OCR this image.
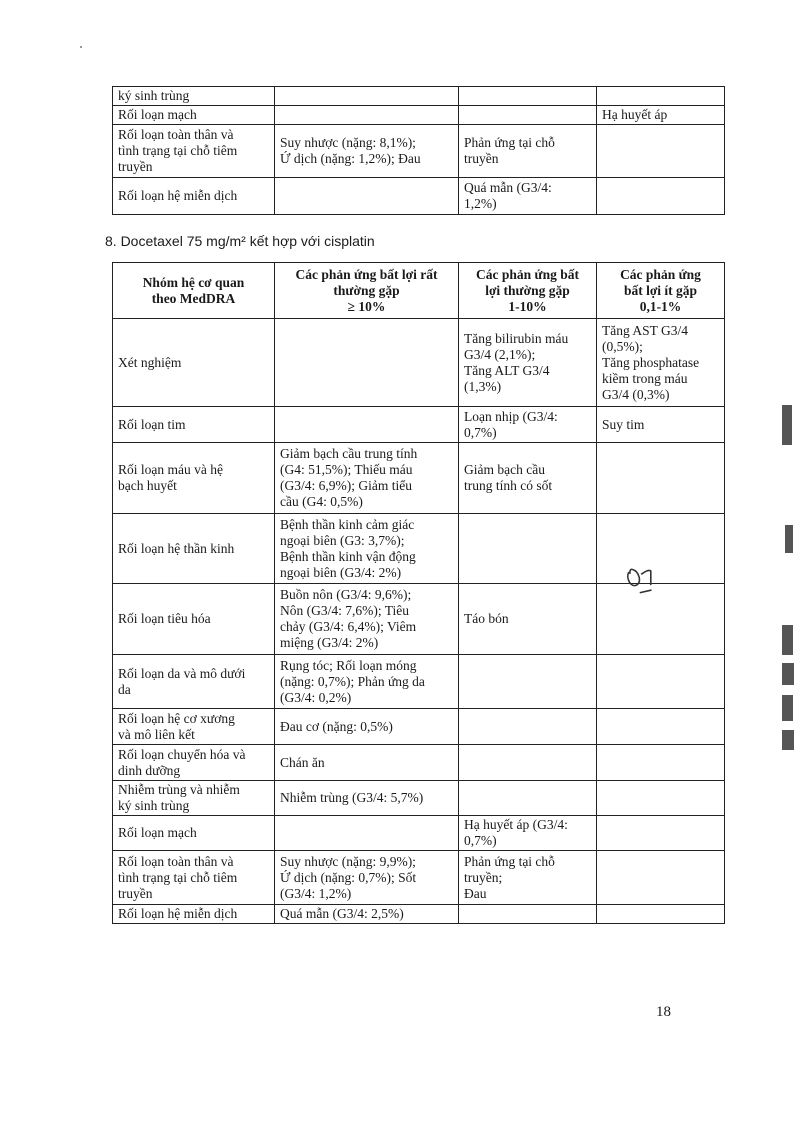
ký sinh trùng			

Rối loạn mạch			Hạ huyết áp

Rối loạn toàn thân và
tình trạng tại chỗ tiêm
truyền	Suy nhược (nặng: 8,1%);
Ứ dịch (nặng: 1,2%); Đau	Phản ứng tại chỗ
truyền	

Rối loạn hệ miễn dịch		Quá mẫn (G3/4:
1,2%)	

8. Docetaxel 75 mg/m² kết hợp với cisplatin
Nhóm hệ cơ quan
theo MedDRA	Các phản ứng bất lợi rất
thường gặp
≥ 10%	Các phản ứng bất
lợi thường gặp
1-10%	Các phản ứng
bất lợi ít gặp
0,1-1%

Xét nghiệm		Tăng bilirubin máu
G3/4 (2,1%);
Tăng ALT G3/4
(1,3%)	Tăng AST G3/4
(0,5%);
Tăng phosphatase
kiềm trong máu
G3/4 (0,3%)

Rối loạn tim		Loạn nhịp (G3/4:
0,7%)	Suy tim

Rối loạn máu và hệ
bạch huyết	Giảm bạch cầu trung tính
(G4: 51,5%); Thiếu máu
(G3/4: 6,9%); Giảm tiểu
cầu (G4: 0,5%)	Giảm bạch cầu
trung tính có sốt	

Rối loạn hệ thần kinh	Bệnh thần kinh cảm giác
ngoại biên (G3: 3,7%);
Bệnh thần kinh vận động
ngoại biên (G3/4: 2%)		

Rối loạn tiêu hóa	Buồn nôn (G3/4: 9,6%);
Nôn (G3/4: 7,6%); Tiêu
chảy (G3/4: 6,4%); Viêm
miệng (G3/4: 2%)	Táo bón	

Rối loạn da và mô dưới
da	Rụng tóc; Rối loạn móng
(nặng: 0,7%); Phản ứng da
(G3/4: 0,2%)		

Rối loạn hệ cơ xương
và mô liên kết	Đau cơ (nặng: 0,5%)		

Rối loạn chuyển hóa và
dinh dưỡng	Chán ăn		

Nhiễm trùng và nhiễm
ký sinh trùng	Nhiễm trùng (G3/4: 5,7%)		

Rối loạn mạch		Hạ huyết áp (G3/4:
0,7%)	

Rối loạn toàn thân và
tình trạng tại chỗ tiêm
truyền	Suy nhược (nặng: 9,9%);
Ứ dịch (nặng: 0,7%); Sốt
(G3/4: 1,2%)	Phản ứng tại chỗ
truyền;
Đau	

Rối loạn hệ miễn dịch	Quá mẫn (G3/4: 2,5%)		

18
